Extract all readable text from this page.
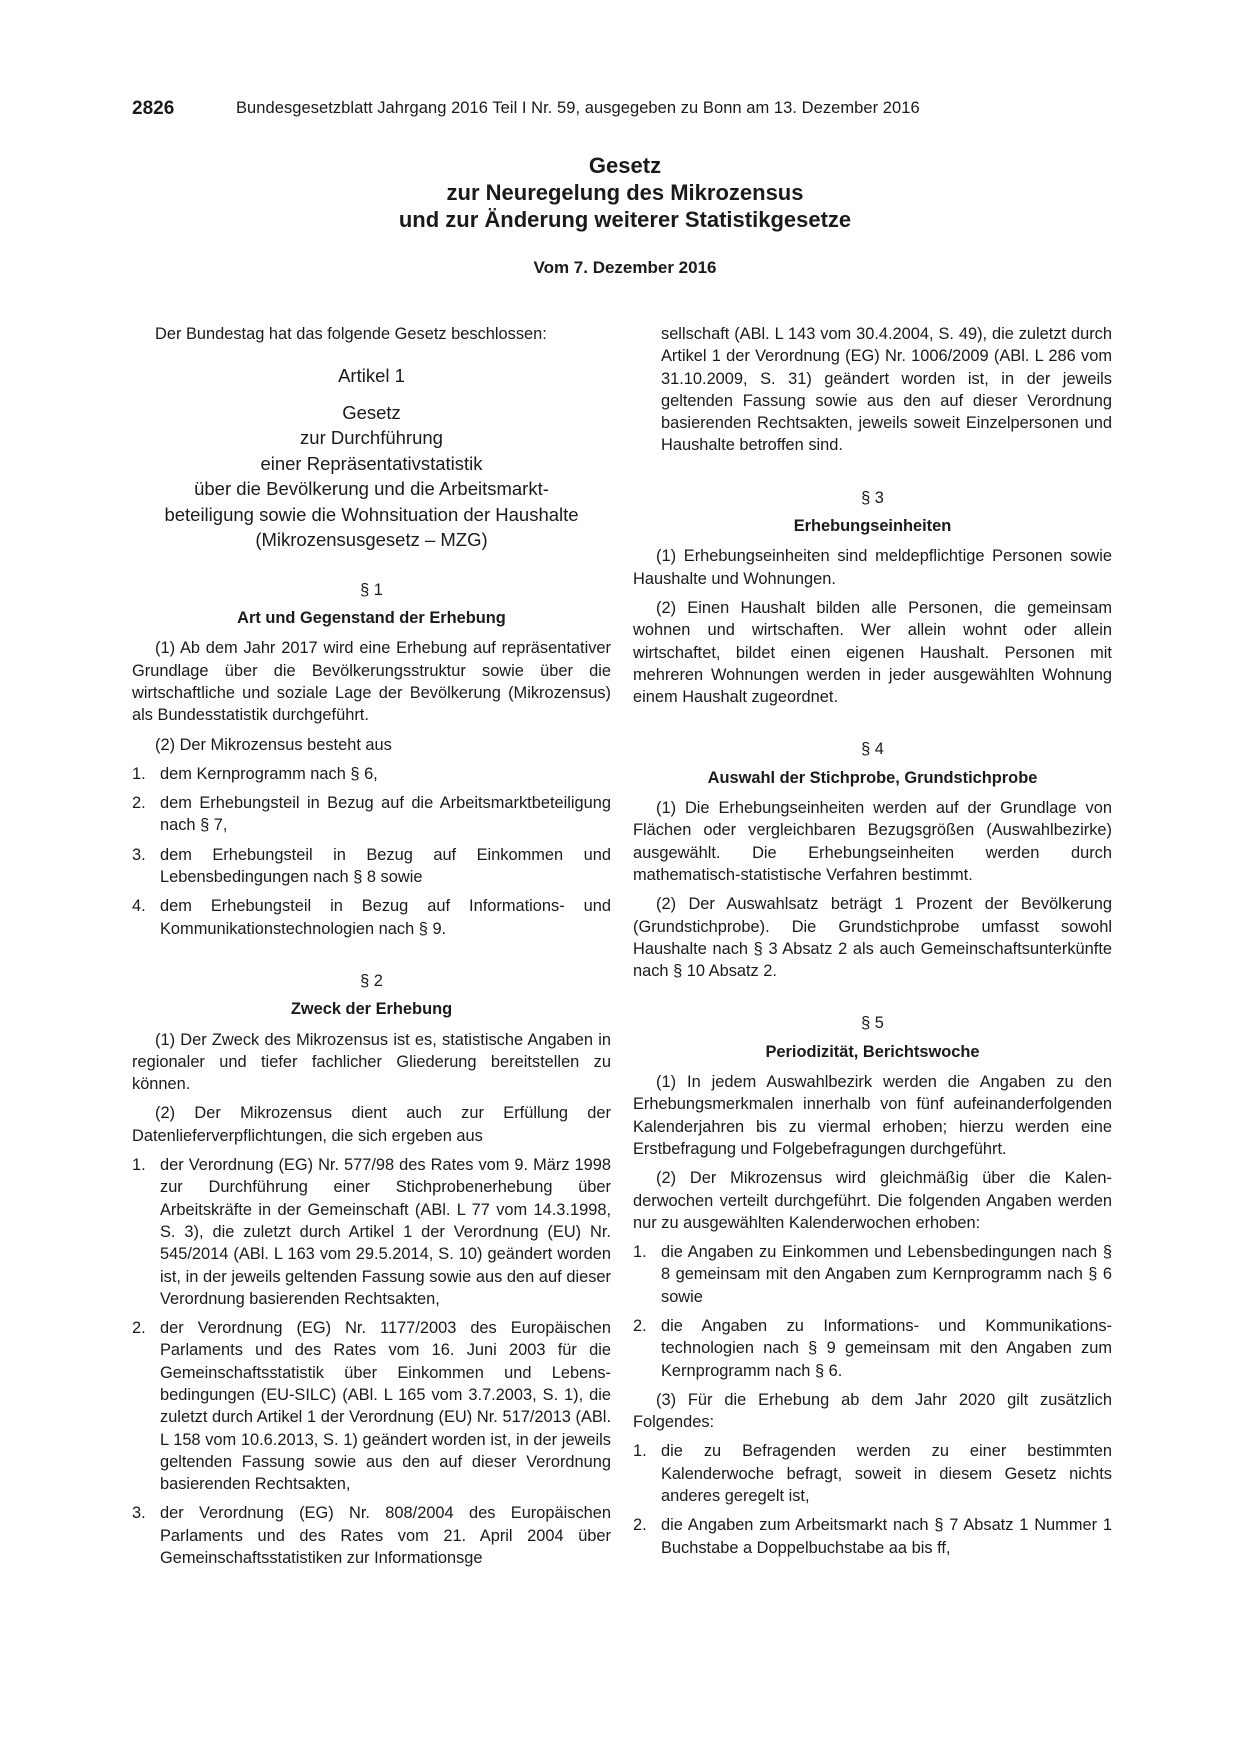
2826	Bundesgesetzblatt Jahrgang 2016 Teil I Nr. 59, ausgegeben zu Bonn am 13. Dezember 2016
Gesetz
zur Neuregelung des Mikrozensus
und zur Änderung weiterer Statistikgesetze
Vom 7. Dezember 2016

Der Bundestag hat das folgende Gesetz beschlossen:

Artikel 1
Gesetz
zur Durchführung
einer Repräsentativstatistik
über die Bevölkerung und die Arbeitsmarkt-
beteiligung sowie die Wohnsituation der Haushalte
(Mikrozensusgesetz – MZG)
§ 1
Art und Gegenstand der Erhebung

(1) Ab dem Jahr 2017 wird eine Erhebung auf repräsentativer Grundlage über die Bevölkerungsstruktur sowie über die wirtschaftliche und soziale Lage der Bevölkerung (Mikrozensus) als Bundesstatistik durchgeführt.

(2) Der Mikrozensus besteht aus

1. dem Kernprogramm nach § 6,
2. dem Erhebungsteil in Bezug auf die Arbeitsmarktbeteiligung nach § 7,
3. dem Erhebungsteil in Bezug auf Einkommen und Lebensbedingungen nach § 8 sowie
4. dem Erhebungsteil in Bezug auf Informations- und Kommunikationstechnologien nach § 9.
§ 2
Zweck der Erhebung

(1) Der Zweck des Mikrozensus ist es, statistische Angaben in regionaler und tiefer fachlicher Gliederung bereitstellen zu können.

(2) Der Mikrozensus dient auch zur Erfüllung der Datenlieferverpflichtungen, die sich ergeben aus

1. der Verordnung (EG) Nr. 577/98 des Rates vom 9. März 1998 zur Durchführung einer Stichprobenerhebung über Arbeitskräfte in der Gemeinschaft (ABl. L 77 vom 14.3.1998, S. 3), die zuletzt durch Artikel 1 der Verordnung (EU) Nr. 545/2014 (ABl. L 163 vom 29.5.2014, S. 10) geändert worden ist, in der jeweils geltenden Fassung sowie aus den auf dieser Verordnung basierenden Rechtsakten,
2. der Verordnung (EG) Nr. 1177/2003 des Europäischen Parlaments und des Rates vom 16. Juni 2003 für die Gemeinschaftsstatistik über Einkommen und Lebensbedingungen (EU-SILC) (ABl. L 165 vom 3.7.2003, S. 1), die zuletzt durch Artikel 1 der Verordnung (EU) Nr. 517/2013 (ABl. L 158 vom 10.6.2013, S. 1) geändert worden ist, in der jeweils geltenden Fassung sowie aus den auf dieser Verordnung basierenden Rechtsakten,
3. der Verordnung (EG) Nr. 808/2004 des Europäischen Parlaments und des Rates vom 21. April 2004 über Gemeinschaftsstatistiken zur Informationsge

sellschaft (ABl. L 143 vom 30.4.2004, S. 49), die zuletzt durch Artikel 1 der Verordnung (EG) Nr. 1006/2009 (ABl. L 286 vom 31.10.2009, S. 31) geändert worden ist, in der jeweils geltenden Fassung sowie aus den auf dieser Verordnung basierenden Rechtsakten, jeweils soweit Einzelpersonen und Haushalte betroffen sind.

§ 3
Erhebungseinheiten

(1) Erhebungseinheiten sind meldepflichtige Personen sowie Haushalte und Wohnungen.

(2) Einen Haushalt bilden alle Personen, die gemeinsam wohnen und wirtschaften. Wer allein wohnt oder allein wirtschaftet, bildet einen eigenen Haushalt. Personen mit mehreren Wohnungen werden in jeder ausgewählten Wohnung einem Haushalt zugeordnet.

§ 4
Auswahl der Stichprobe, Grundstichprobe

(1) Die Erhebungseinheiten werden auf der Grundlage von Flächen oder vergleichbaren Bezugsgrößen (Auswahlbezirke) ausgewählt. Die Erhebungseinheiten werden durch mathematisch-statistische Verfahren bestimmt.

(2) Der Auswahlsatz beträgt 1 Prozent der Bevölkerung (Grundstichprobe). Die Grundstichprobe umfasst sowohl Haushalte nach § 3 Absatz 2 als auch Gemeinschaftsunterkünfte nach § 10 Absatz 2.

§ 5
Periodizität, Berichtswoche

(1) In jedem Auswahlbezirk werden die Angaben zu den Erhebungsmerkmalen innerhalb von fünf aufeinanderfolgenden Kalenderjahren bis zu viermal erhoben; hierzu werden eine Erstbefragung und Folgebefragungen durchgeführt.

(2) Der Mikrozensus wird gleichmäßig über die Kalenderwochen verteilt durchgeführt. Die folgenden Angaben werden nur zu ausgewählten Kalenderwochen erhoben:

1. die Angaben zu Einkommen und Lebensbedingungen nach § 8 gemeinsam mit den Angaben zum Kernprogramm nach § 6 sowie
2. die Angaben zu Informations- und Kommunikationstechnologien nach § 9 gemeinsam mit den Angaben zum Kernprogramm nach § 6.

(3) Für die Erhebung ab dem Jahr 2020 gilt zusätzlich Folgendes:

1. die zu Befragenden werden zu einer bestimmten Kalenderwoche befragt, soweit in diesem Gesetz nichts anderes geregelt ist,
2. die Angaben zum Arbeitsmarkt nach § 7 Absatz 1 Nummer 1 Buchstabe a Doppelbuchstabe aa bis ff,
